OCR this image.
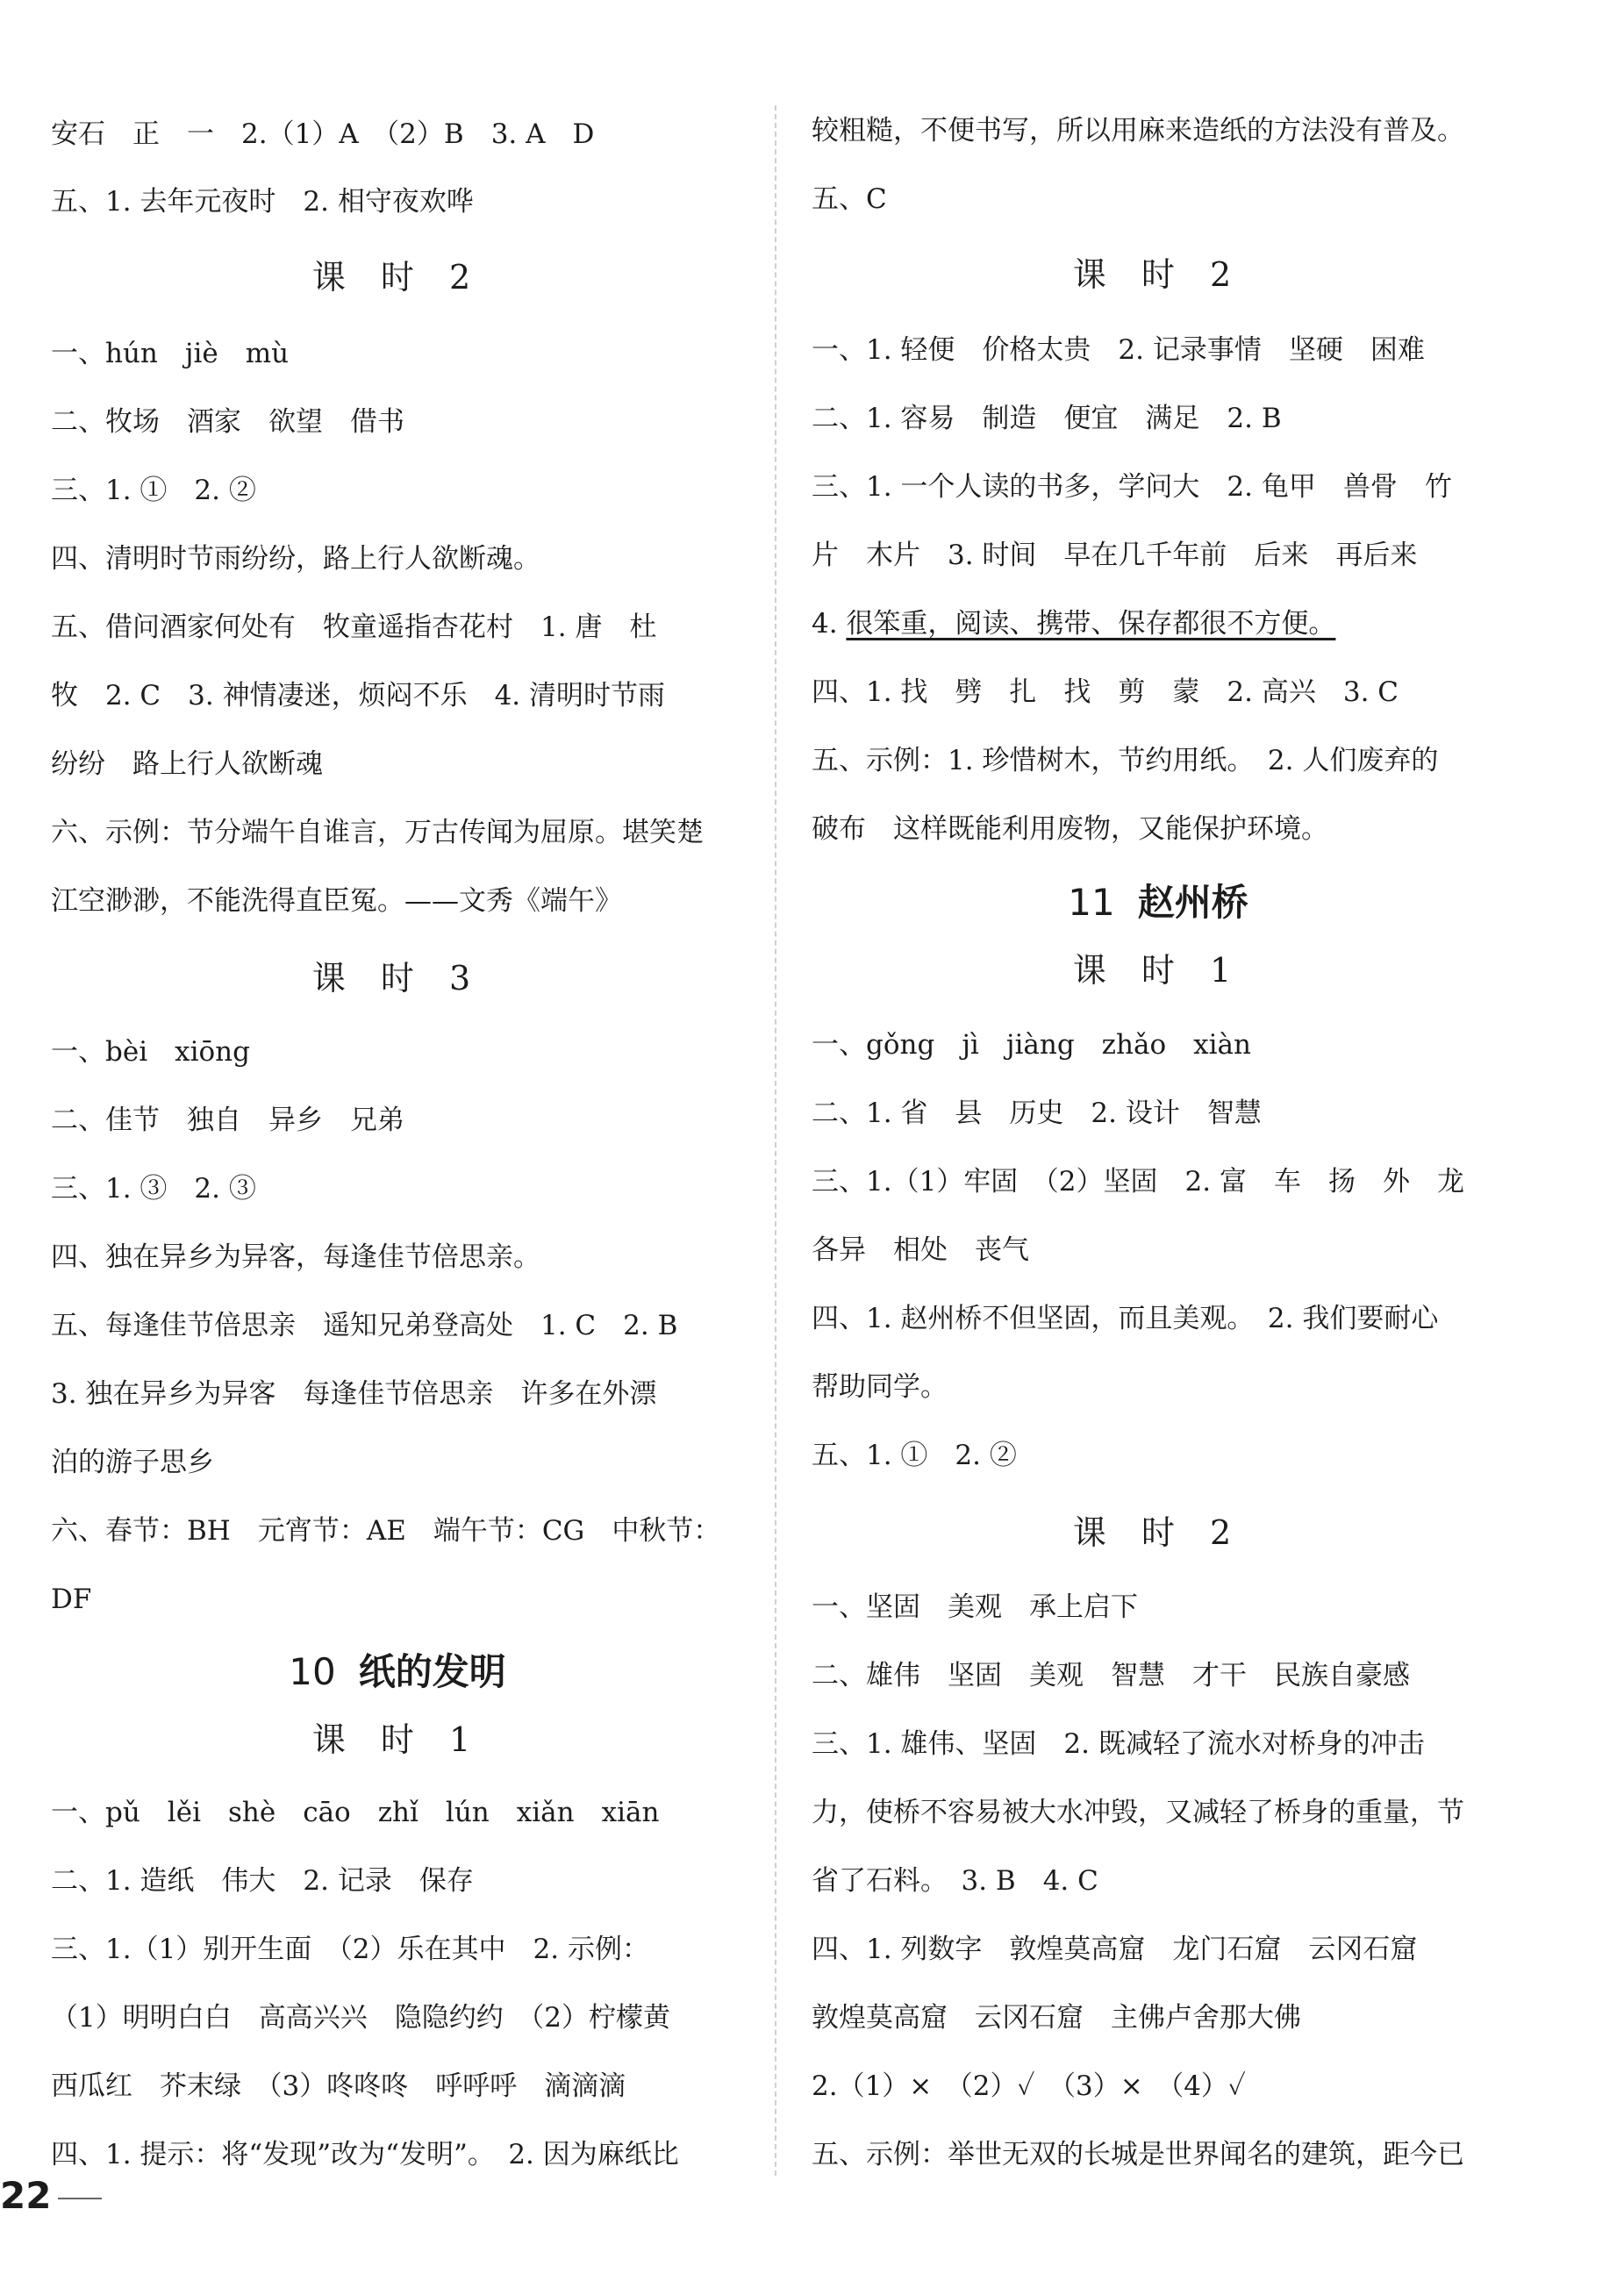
安石　正　一　2.（1）A　（2）B　3. A　D
五、1. 去年元夜时　2. 相守夜欢哗
课 时 2
一、hún　jiè　mù
二、牧场　酒家　欲望　借书
三、1. ①　2. ②
四、清明时节雨纷纷，路上行人欲断魂。
五、借问酒家何处有　牧童遥指杏花村　1. 唐　杜
牧　2. C　3. 神情凄迷，烦闷不乐　4. 清明时节雨
纷纷　路上行人欲断魂
六、示例：节分端午自谁言，万古传闻为屈原。堪笑楚
江空渺渺，不能洗得直臣冤。——文秀《端午》
课 时 3
一、bèi　xiōng
二、佳节　独自　异乡　兄弟
三、1. ③　2. ③
四、独在异乡为异客，每逢佳节倍思亲。
五、每逢佳节倍思亲　遥知兄弟登高处　1. C　2. B
3. 独在异乡为异客　每逢佳节倍思亲　许多在外漂
泊的游子思乡
六、春节：BH　元宵节：AE　端午节：CG　中秋节：
DF
10 纸的发明
课 时 1
一、pǔ　lěi　shè　cāo　zhǐ　lún　xiǎn　xiān
二、1. 造纸　伟大　2. 记录　保存
三、1.（1）别开生面　（2）乐在其中　2. 示例：
（1）明明白白　高高兴兴　隐隐约约　（2）柠檬黄
西瓜红　芥末绿　（3）咚咚咚　呼呼呼　滴滴滴
四、1. 提示：将“发现”改为“发明”。　2. 因为麻纸比
较粗糙，不便书写，所以用麻来造纸的方法没有普及。
五、C
课 时 2
一、1. 轻便　价格太贵　2. 记录事情　坚硬　困难
二、1. 容易　制造　便宜　满足　2. B
三、1. 一个人读的书多，学问大　2. 龟甲　兽骨　竹
片　木片　3. 时间　早在几千年前　后来　再后来
4. 很笨重，阅读、携带、保存都很不方便。
四、1. 找　劈　扎　找　剪　蒙　2. 高兴　3. C
五、示例：1. 珍惜树木，节约用纸。　2. 人们废弃的
破布　这样既能利用废物，又能保护环境。
11 赵州桥
课 时 1
一、gǒng　jì　jiàng　zhǎo　xiàn
二、1. 省　县　历史　2. 设计　智慧
三、1.（1）牢固　（2）坚固　2. 富　车　扬　外　龙
各异　相处　丧气
四、1. 赵州桥不但坚固，而且美观。　2. 我们要耐心
帮助同学。
五、1. ①　2. ②
课 时 2
一、坚固　美观　承上启下
二、雄伟　坚固　美观　智慧　才干　民族自豪感
三、1. 雄伟、坚固　2. 既减轻了流水对桥身的冲击
力，使桥不容易被大水冲毁，又减轻了桥身的重量，节
省了石料。　3. B　4. C
四、1. 列数字　敦煌莫高窟　龙门石窟　云冈石窟
敦煌莫高窟　云冈石窟　主佛卢舍那大佛
2.（1）×　（2）✓　（3）×　（4）✓
五、示例：举世无双的长城是世界闻名的建筑，距今已
22
